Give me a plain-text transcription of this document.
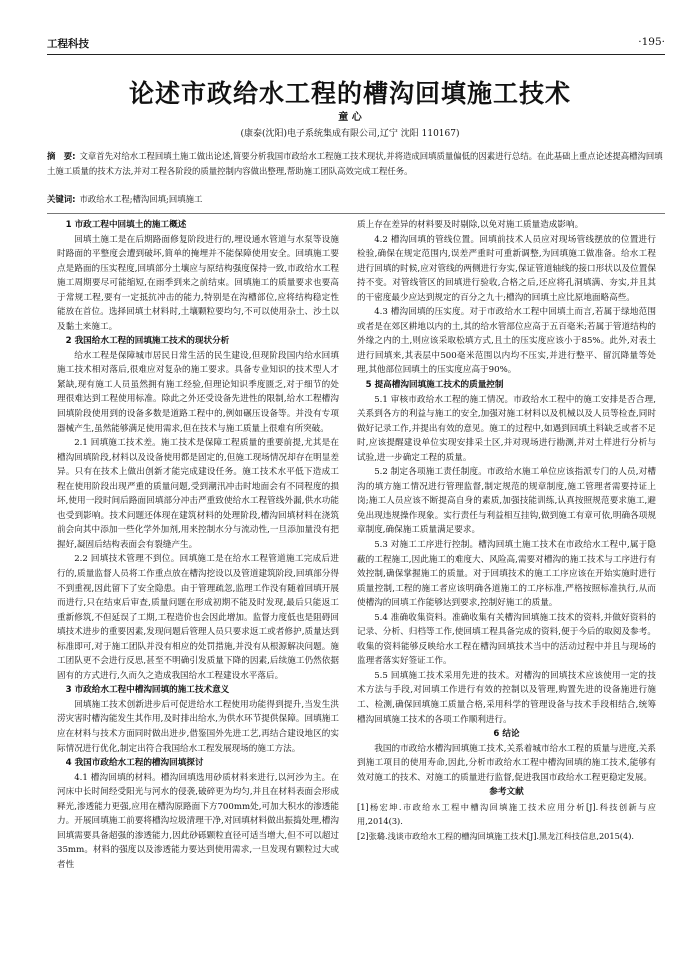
工程科技	·195·
论述市政给水工程的槽沟回填施工技术
童 心
(康泰(沈阳)电子系统集成有限公司,辽宁 沈阳 110167)
摘　要: 文章首先对给水工程回填土施工做出论述,简要分析我国市政给水工程施工技术现状,并将造成回填质量偏低的因素进行总结。在此基础上重点论述提高槽沟回填土施工质量的技术方法,并对工程各阶段的质量控制内容做出整理,帮助施工团队高效完成工程任务。
关键词: 市政给水工程;槽沟回填;回填施工
1 市政工程中回填土的施工概述

回填土施工是在后期路面修复阶段进行的,埋设通水管道与水泵等设施时路面的平整度会遭到破坏,简单的掩埋并不能保障使用安全。回填施工要点是路面的压实程度,回填部分土壤应与原结构强度保持一致,市政给水工程施工周期要尽可能缩短,在雨季到来之前结束。回填施工的质量要求也要高于常规工程,要有一定抵抗冲击的能力,特别是在沟槽部位,应将结构稳定性能放在首位。选择回填土材料时,土壤颗粒要均匀,不可以使用杂土、沙土以及黏土来施工。

2 我国给水工程的回填施工技术的现状分析

给水工程是保障城市居民日常生活的民生建设,但现阶段国内给水回填施工技术相对落后,很难应对复杂的施工要求。具备专业知识的技术型人才紧缺,现有施工人员虽然拥有施工经验,但理论知识季度匮乏,对于细节的处理很难达到工程使用标准。除此之外还受设备先进性的限制,给水工程槽沟回填阶段使用到的设备多数是道路工程中的,例如碾压设备等。并没有专项器械产生,虽然能够满足使用需求,但在技术与施工质量上很难有所突破。

2.1 回填施工技术差。施工技术是保障工程质量的重要前提,尤其是在槽沟回填阶段,材料以及设备使用都是固定的,但施工现场情况却存在明显差异。只有在技术上做出创新才能完成建设任务。施工技术水平低下造成工程在使用阶段出现严重的质量问题,受到潮汛冲击时地面会有不同程度的损坏,使用一段时间后路面回填部分冲击严重致使给水工程管线外漏,供水功能也受到影响。技术问题还体现在建筑材料的处理阶段,槽沟回填材料在浇筑前会向其中添加一些化学外加剂,用来控制水分与流动性,一旦添加量没有把握好,凝固后结构表面会有裂缝产生。

2.2 回填技术管理不到位。回填施工是在给水工程管道施工完成后进行的,质量监督人员将工作重点放在槽沟挖设以及管道建筑阶段,回填部分得不到重视,因此留下了安全隐患。由于管理疏忽,监理工作没有随着回填开展而进行,只在结束后审查,质量问题在形成初期不能及时发现,最后只能返工重新修筑,不但延误了工期,工程造价也会因此增加。监督力度低也是阻碍回填技术进步的重要因素,发现问题后管理人员只要求返工或者修护,质量达到标准即可,对于施工团队并没有相应的处罚措施,并没有从根源解决问题。施工团队更不会进行反思,甚至不明确引发质量下降的因素,后续施工仍然依据固有的方式进行,久而久之造成我国给水工程建设水平落后。

3 市政给水工程中槽沟回填的施工技术意义

回填施工技术创新进步后可促进给水工程使用功能得到提升,当发生洪涝灾害时槽沟能发生其作用,及时排出给水,为供水环节提供保障。回填施工应在材料与技术方面同时做出进步,借鉴国外先进工艺,再结合建设地区的实际情况进行优化,制定出符合我国给水工程发展现场的施工方法。

4 我国市政给水工程的槽沟回填探讨

4.1 槽沟回填的材料。槽沟回填选用砂质材料来进行,以河沙为主。在河床中长时间经受阳光与河水的侵袭,破碎更为均匀,并且在材料表面会形成释光,渗透能力更强,应用在槽沟原路面下方700mm处,可加大积水的渗透能力。开展回填施工前要将槽沟垃圾清理干净,对回填材料做出振捣处理,槽沟回填需要具备超强的渗透能力,因此砂砾颗粒直径可适当增大,但不可以超过35mm。材料的强度以及渗透能力要达到使用需求,一旦发现有颗粒过大或者性

质上存在差异的材料要及时剔除,以免对施工质量造成影响。

4.2 槽沟回填的管线位置。回填前技术人员应对现场管线摆放的位置进行检验,确保在规定范围内,误差严重时可重新调整,为回填施工做准备。给水工程进行回填的时候,应对管线的两侧进行夯实,保证管道轴线的接口形状以及位置保持不变。对管线管区的回填进行验收,合格之后,还应将孔洞填满、夯实,并且其的干密度最少应达到规定的百分之九十;槽沟的回填土应比原地面略高些。

4.3 槽沟回填的压实度。对于市政给水工程中回填土而言,若属于绿地范围或者是在郊区耕地以内的土,其的给水管部位应高于五百毫米;若属于管道结构的外缘之内的土,则应该采取松填方式,且土的压实度应该小于85%。此外,对表土进行回填来,其表层中500毫米范围以内均不压实,并进行整平、留沉降量等处理,其他部位回填土的压实度应高于90%。

5 提高槽沟回填施工技术的质量控制

5.1 审核市政给水工程的施工情况。市政给水工程中的施工安排是否合理,关系到各方的利益与施工的安全,加强对施工材料以及机械以及人员等检查,同时做好记录工作,并提出有效的意见。施工的过程中,如遇到回填土料缺乏或者不足时,应该提醒建设单位实现安排采土区,并对现场进行勘测,并对土样进行分析与试验,进一步确定工程的质量。

5.2 制定各项施工责任制度。市政给水施工单位应该指派专门的人员,对槽沟的填方施工情况进行管理监督,制定规范的规章制度,施工管理者需要持证上岗;施工人员应该不断提高自身的素质,加强技能训练,认真按照规范要求施工,避免出现违规操作现象。实行责任与利益相互挂钩,做到施工有章可依,明确各项规章制度,确保施工质量满足要求。

5.3 对施工工序进行控制。槽沟回填土施工技术在市政给水工程中,属于隐蔽的工程施工,因此施工的难度大、风险高,需要对槽沟的施工技术与工序进行有效控制,确保掌握施工的质量。对于回填技术的施工工序应该在开始实施时进行质量控制,工程的施工者应该明确各道施工的工序标准,严格按照标准执行,从而使槽沟的回填工作能够达到要求,控制好施工的质量。

5.4 准确收集资料。准确收集有关槽沟回填施工技术的资料,并做好资料的记录、分析、归档等工作,使回填工程具备完成的资料,便于今后的取阅及参考。收集的资料能够反映给水工程在槽沟回填技术当中的活动过程中并且与现场的监理者落实好签证工作。

5.5 回填施工技术采用先进的技术。对槽沟的回填技术应该使用一定的技术方法与手段,对回填工作进行有效的控制以及管理,购置先进的设备施进行施工、检测,确保回填施工质量合格,采用科学的管理设备与技术手段相结合,统筹槽沟回填施工技术的各项工作顺利进行。

6 结论

我国的市政给水槽沟回填施工技术,关系着城市给水工程的质量与进度,关系到施工项目的使用寿命,因此,分析市政给水工程中槽沟回填的施工技术,能够有效对施工的技术、对施工的质量进行监督,促进我国市政给水工程更稳定发展。

参考文献

[1]杨宏坤.市政给水工程中槽沟回填施工技术应用分析[J].科技创新与应用,2014(3).

[2]张璐.浅谈市政给水工程的槽沟回填施工技术[J].黑龙江科技信息,2015(4).
